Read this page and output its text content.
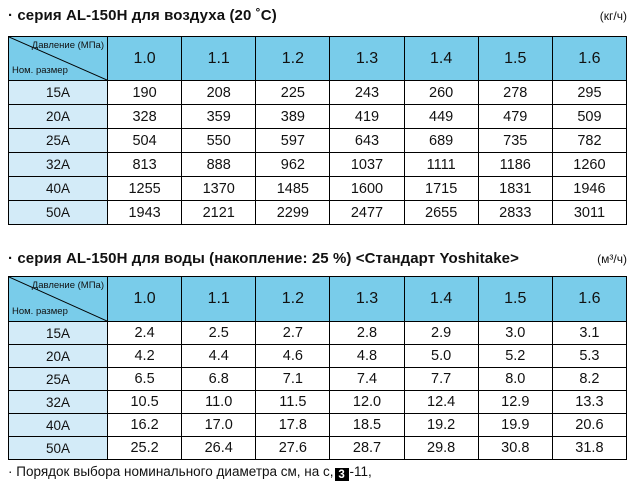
· серия AL-150Н для воздуха (20 ˚C)	(кг/ч)
Давление (МПа)
Ном. размер	1.0	1.1	1.2	1.3	1.4	1.5	1.6
15A	190	208	225	243	260	278	295
20A	328	359	389	419	449	479	509
25A	504	550	597	643	689	735	782
32A	813	888	962	1037	1111	1186	1260
40A	1255	1370	1485	1600	1715	1831	1946
50A	1943	2121	2299	2477	2655	2833	3011
· серия AL-150Н для воды (накопление: 25 %) <Стандарт Yoshitake>	(м³/ч)
Давление (МПа)
Ном. размер	1.0	1.1	1.2	1.3	1.4	1.5	1.6
15A	2.4	2.5	2.7	2.8	2.9	3.0	3.1
20A	4.2	4.4	4.6	4.8	5.0	5.2	5.3
25A	6.5	6.8	7.1	7.4	7.7	8.0	8.2
32A	10.5	11.0	11.5	12.0	12.4	12.9	13.3
40A	16.2	17.0	17.8	18.5	19.2	19.9	20.6
50A	25.2	26.4	27.6	28.7	29.8	30.8	31.8
· Порядок выбора номинального диаметра см, на с, 3 -11,
